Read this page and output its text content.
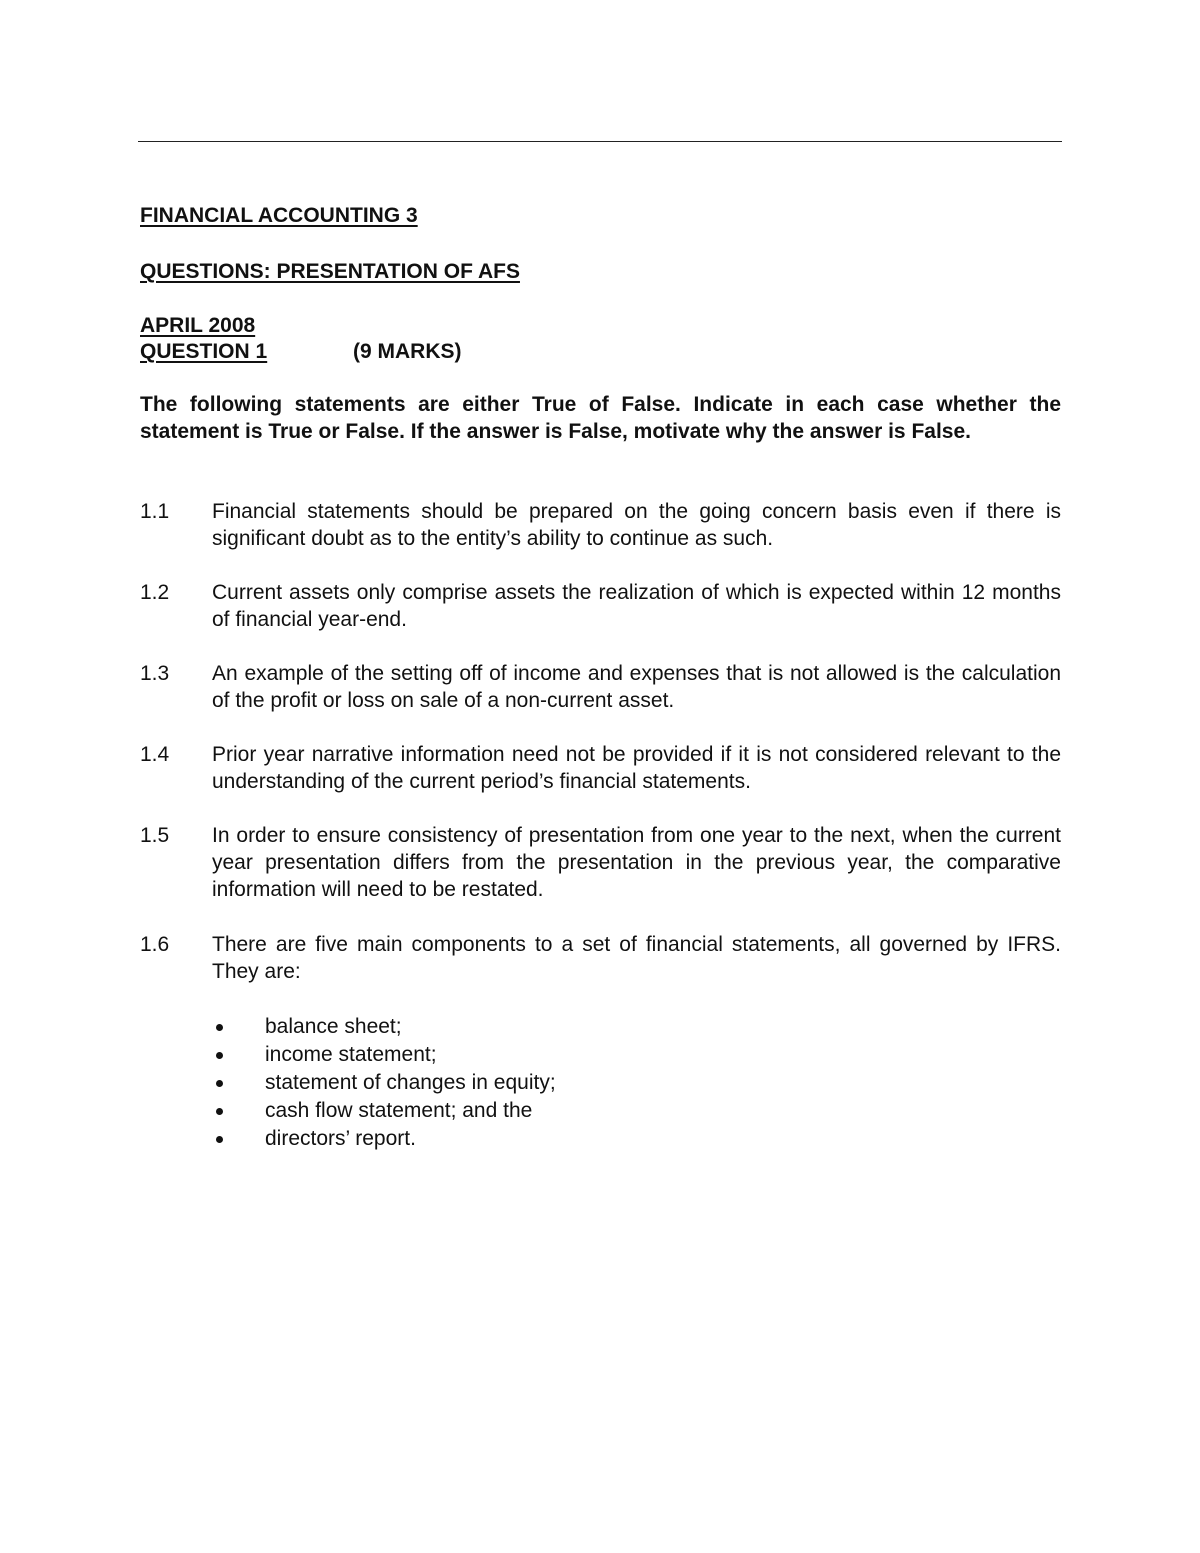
FINANCIAL ACCOUNTING 3
QUESTIONS: PRESENTATION OF AFS
APRIL 2008
QUESTION 1	(9 MARKS)
The following statements are either True of False. Indicate in each case whether the statement is True or False. If the answer is False, motivate why the answer is False.
1.1	Financial statements should be prepared on the going concern basis even if there is significant doubt as to the entity’s ability to continue as such.
1.2	Current assets only comprise assets the realization of which is expected within 12 months of financial year-end.
1.3	An example of the setting off of income and expenses that is not allowed is the calculation of the profit or loss on sale of a non-current asset.
1.4	Prior year narrative information need not be provided if it is not considered relevant to the understanding of the current period’s financial statements.
1.5	In order to ensure consistency of presentation from one year to the next, when the current year presentation differs from the presentation in the previous year, the comparative information will need to be restated.
1.6	There are five main components to a set of financial statements, all governed by IFRS. They are:
balance sheet;
income statement;
statement of changes in equity;
cash flow statement; and the
directors’ report.
